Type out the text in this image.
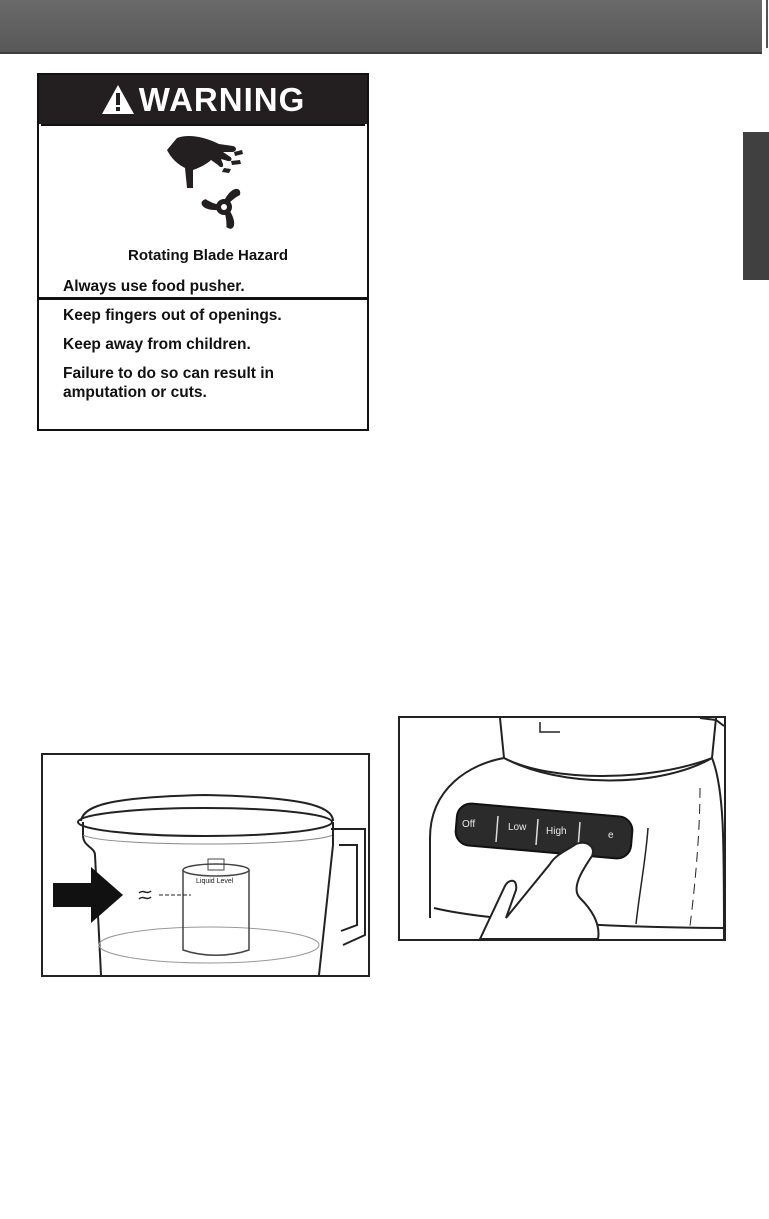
WARNING

Rotating Blade Hazard

Always use food pusher.

Keep fingers out of openings.

Keep away from children.

Failure to do so can result in amputation or cuts.

Liquid Level
Off	Low High	e
